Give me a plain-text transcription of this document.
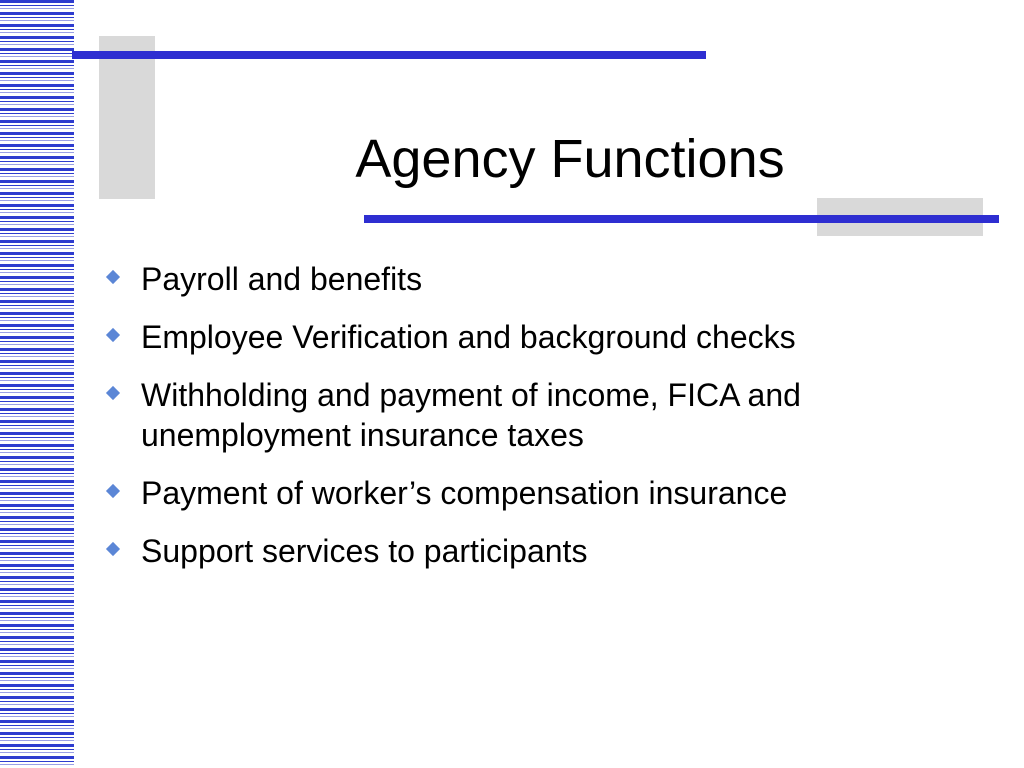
Agency Functions
Payroll and benefits
Employee Verification and background checks
Withholding and payment of income, FICA and unemployment insurance taxes
Payment of worker’s compensation insurance
Support services to participants
